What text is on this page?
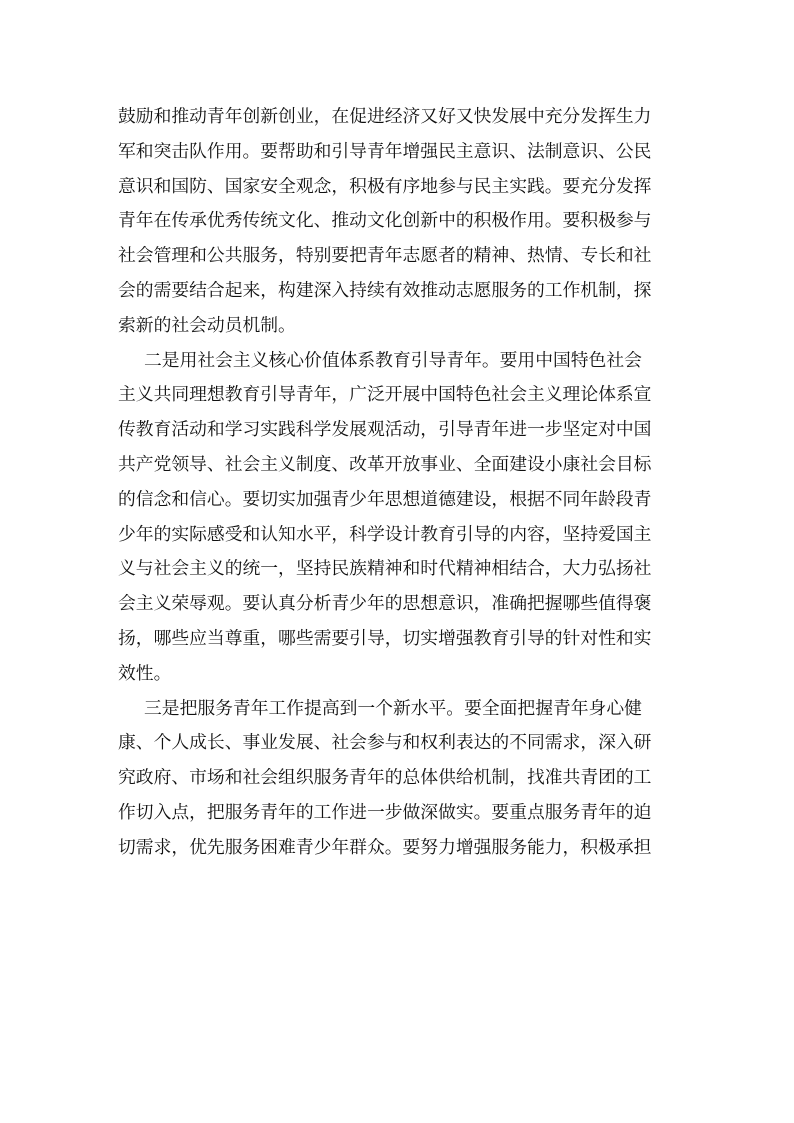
鼓励和推动青年创新创业，在促进经济又好又快发展中充分发挥生力
军和突击队作用。要帮助和引导青年增强民主意识、法制意识、公民
意识和国防、国家安全观念，积极有序地参与民主实践。要充分发挥
青年在传承优秀传统文化、推动文化创新中的积极作用。要积极参与
社会管理和公共服务，特别要把青年志愿者的精神、热情、专长和社
会的需要结合起来，构建深入持续有效推动志愿服务的工作机制，探
索新的社会动员机制。
二是用社会主义核心价值体系教育引导青年。要用中国特色社会
主义共同理想教育引导青年，广泛开展中国特色社会主义理论体系宣
传教育活动和学习实践科学发展观活动，引导青年进一步坚定对中国
共产党领导、社会主义制度、改革开放事业、全面建设小康社会目标
的信念和信心。要切实加强青少年思想道德建设，根据不同年龄段青
少年的实际感受和认知水平，科学设计教育引导的内容，坚持爱国主
义与社会主义的统一，坚持民族精神和时代精神相结合，大力弘扬社
会主义荣辱观。要认真分析青少年的思想意识，准确把握哪些值得褒
扬，哪些应当尊重，哪些需要引导，切实增强教育引导的针对性和实
效性。
三是把服务青年工作提高到一个新水平。要全面把握青年身心健
康、个人成长、事业发展、社会参与和权利表达的不同需求，深入研
究政府、市场和社会组织服务青年的总体供给机制，找准共青团的工
作切入点，把服务青年的工作进一步做深做实。要重点服务青年的迫
切需求，优先服务困难青少年群众。要努力增强服务能力，积极承担
